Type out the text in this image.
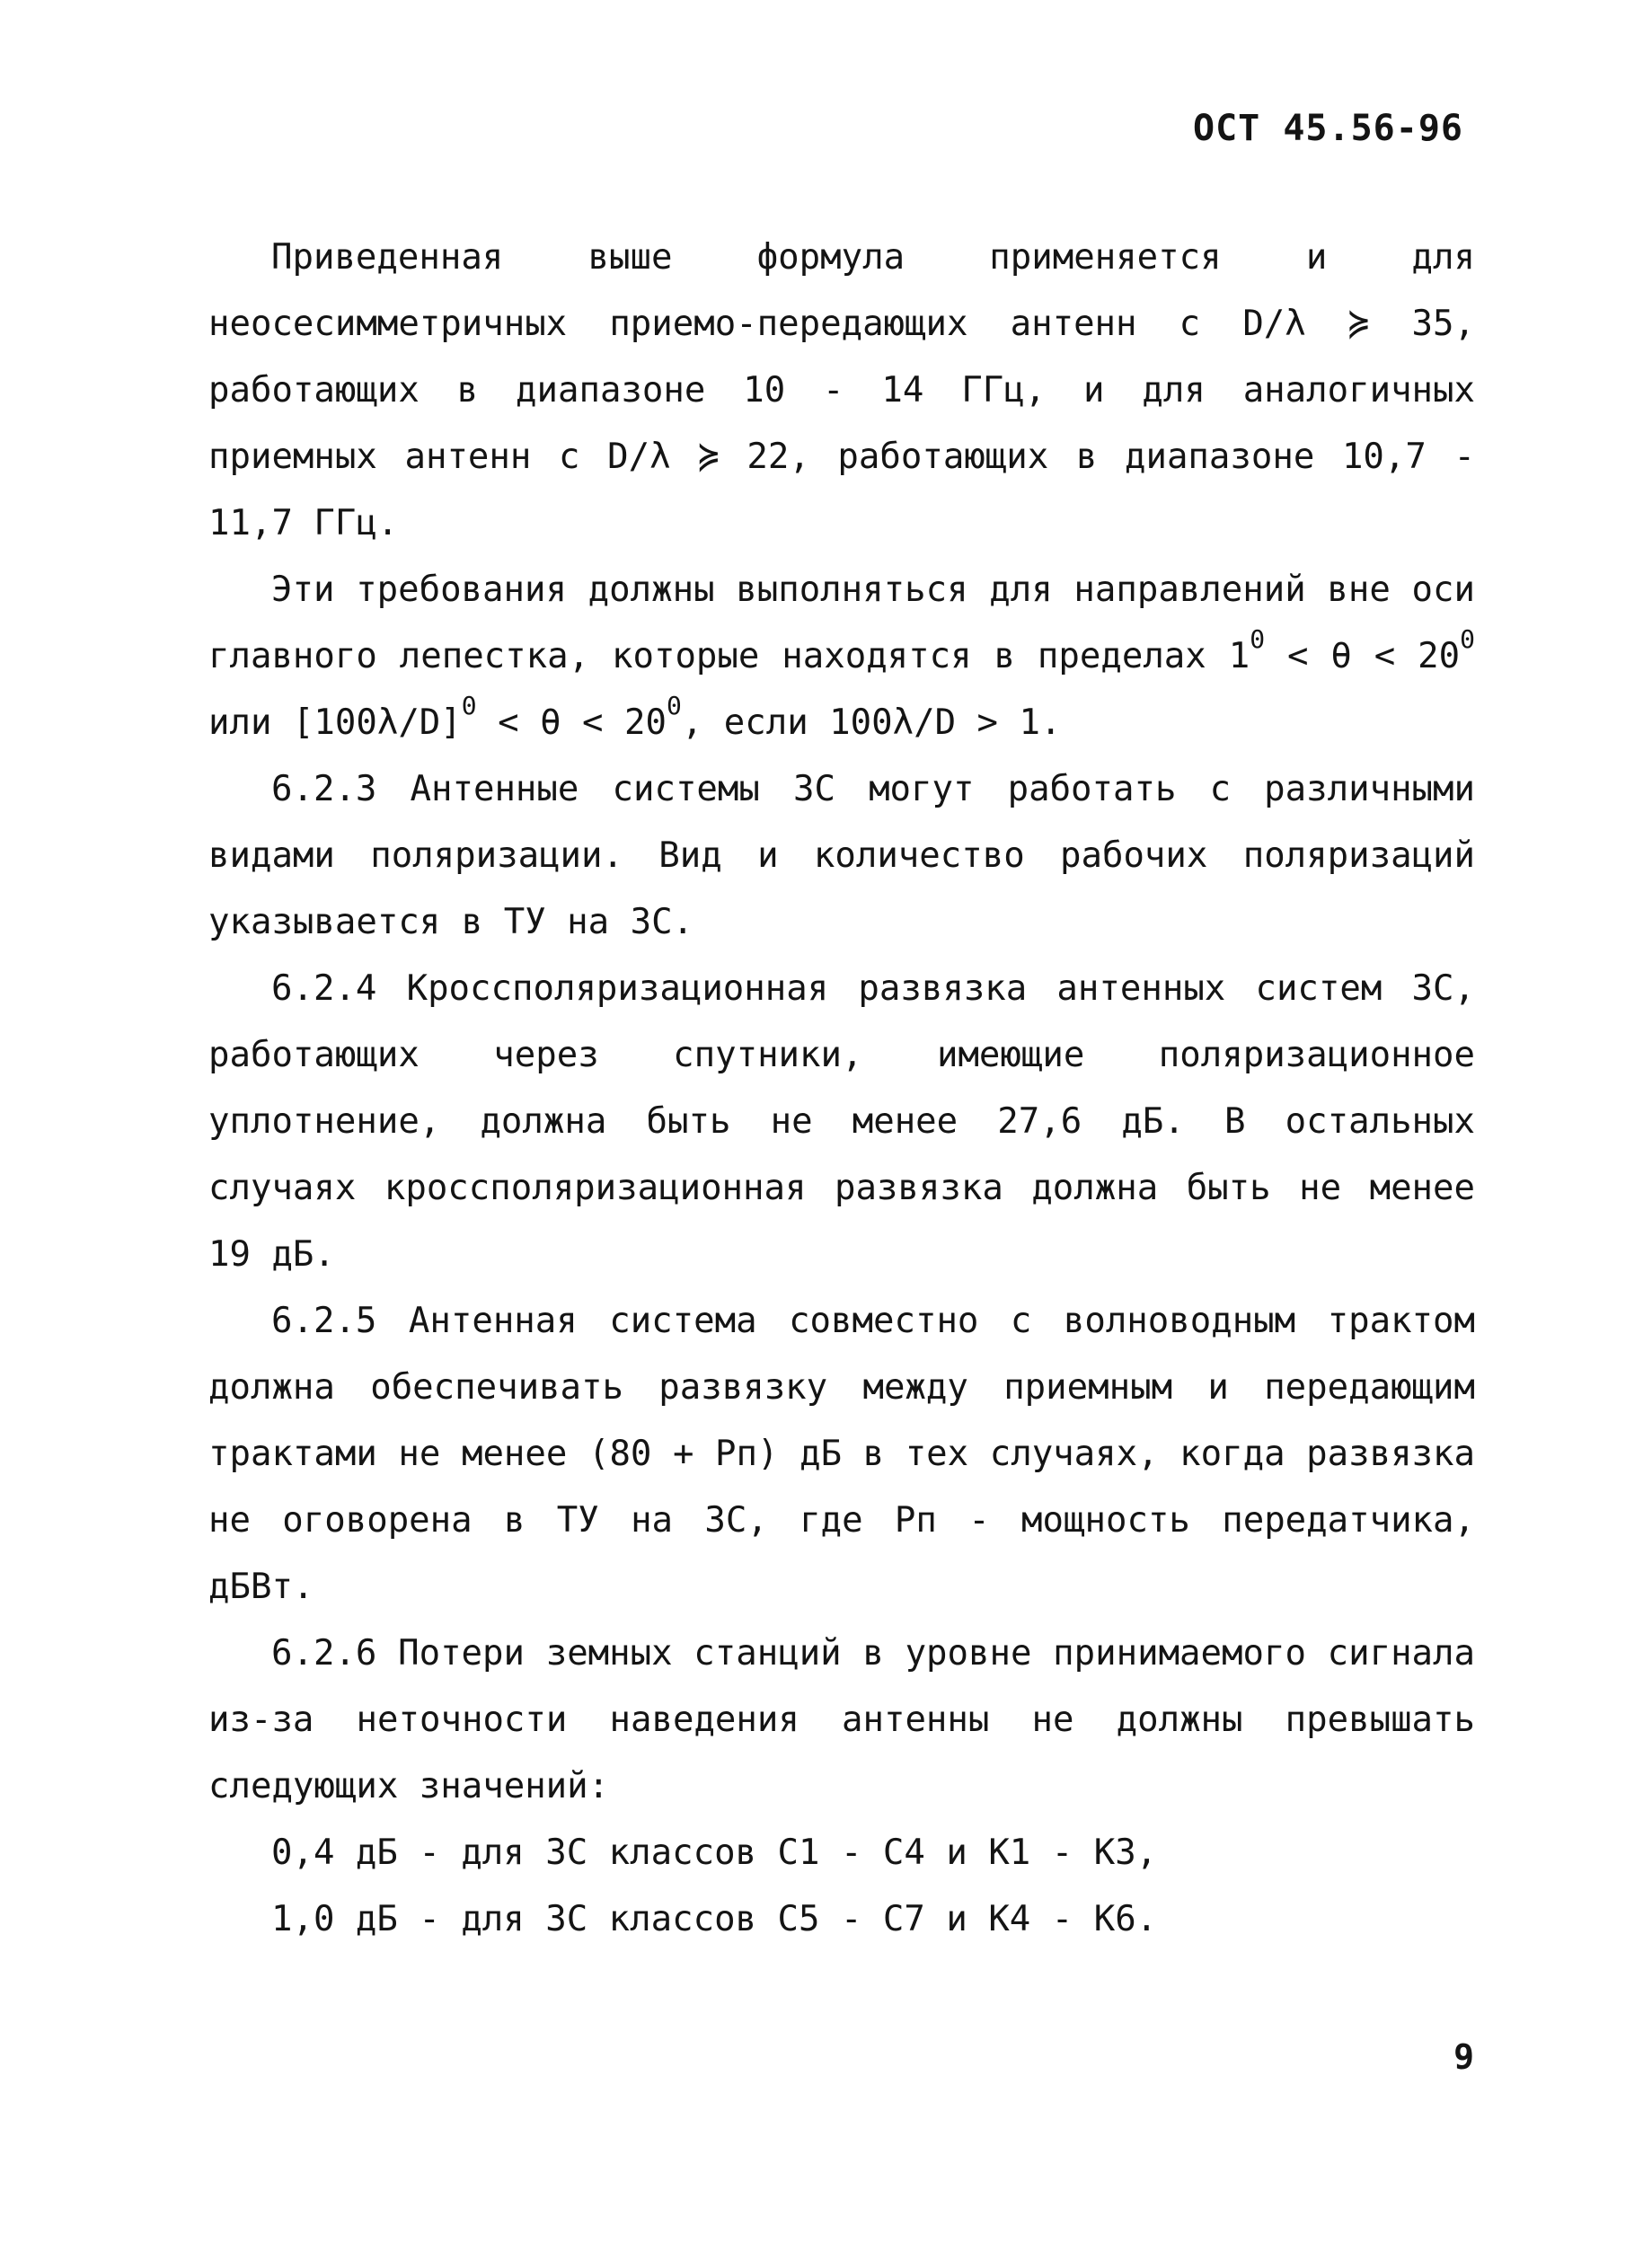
ОСТ 45.56-96

Приведенная выше формула применяется и для неосесимметричных приемо-передающих антенн с D/λ ≽ 35, работающих в диапазоне 10 - 14 ГГц, и для аналогичных приемных антенн с D/λ ≽ 22, работающих в диапазоне 10,7 - 11,7 ГГц.

Эти требования должны выполняться для направлений вне оси главного лепестка, которые находятся в пределах $1^0 < \theta < 20^0$ или $[100\lambda/D]^0 < \theta < 20^0$, если 100λ/D > 1.

6.2.3 Антенные системы ЗС могут работать с различными видами поляризации. Вид и количество рабочих поляризаций указывается в ТУ на ЗС.

6.2.4 Кроссполяризационная развязка антенных систем ЗС, работающих через спутники, имеющие поляризационное уплотнение, должна быть не менее 27,6 дБ. В остальных случаях кроссполяризационная развязка должна быть не менее 19 дБ.

6.2.5 Антенная система совместно с волноводным трактом должна обеспечивать развязку между приемным и передающим трактами не менее (80 + Рп) дБ в тех случаях, когда развязка не оговорена в ТУ на ЗС, где Рп - мощность передатчика, дБВт.

6.2.6 Потери земных станций в уровне принимаемого сигнала из-за неточности наведения антенны не должны превышать следующих значений:

0,4 дБ - для ЗС классов С1 - С4 и К1 - К3,

1,0 дБ - для ЗС классов С5 - С7 и К4 - К6.

9
